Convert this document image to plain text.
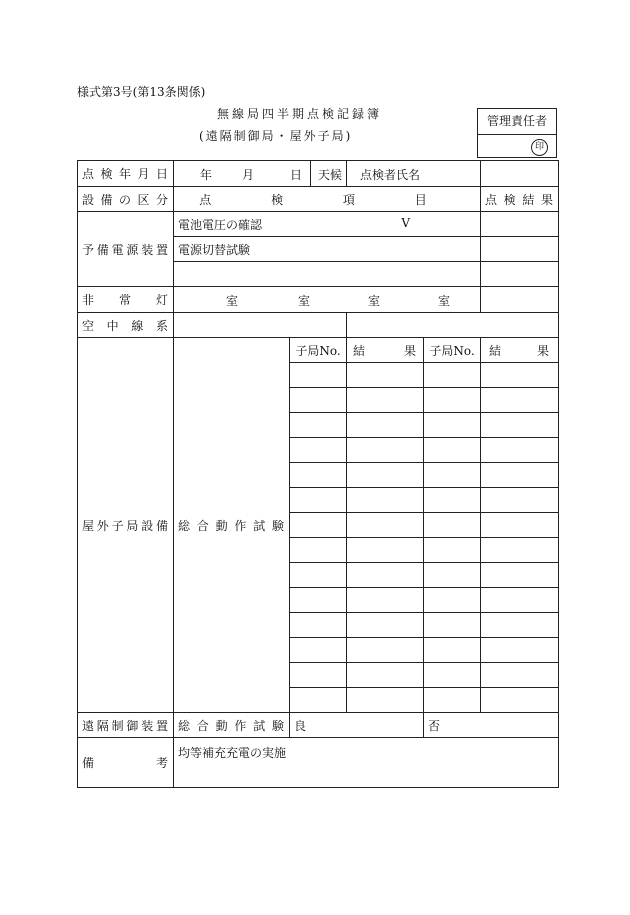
様式第3号(第13条関係)
無線局四半期点検記録簿
(遠隔制御局・屋外子局)
管理責任者
印
点検年月日	年 月 日 天候		点検者氏名		

設備の区分	点 検 項 目				点検結果
予備電源装置	電池電圧の確認 V				

	電源切替試験				

非常灯	室 室 室 室				

空中線系					
屋外子局設備	総合動作試験	子局No.	結果	子局No.	結果

遠隔制御装置	総合動作試験	良		否	
備考	均等補充充電の実施				
